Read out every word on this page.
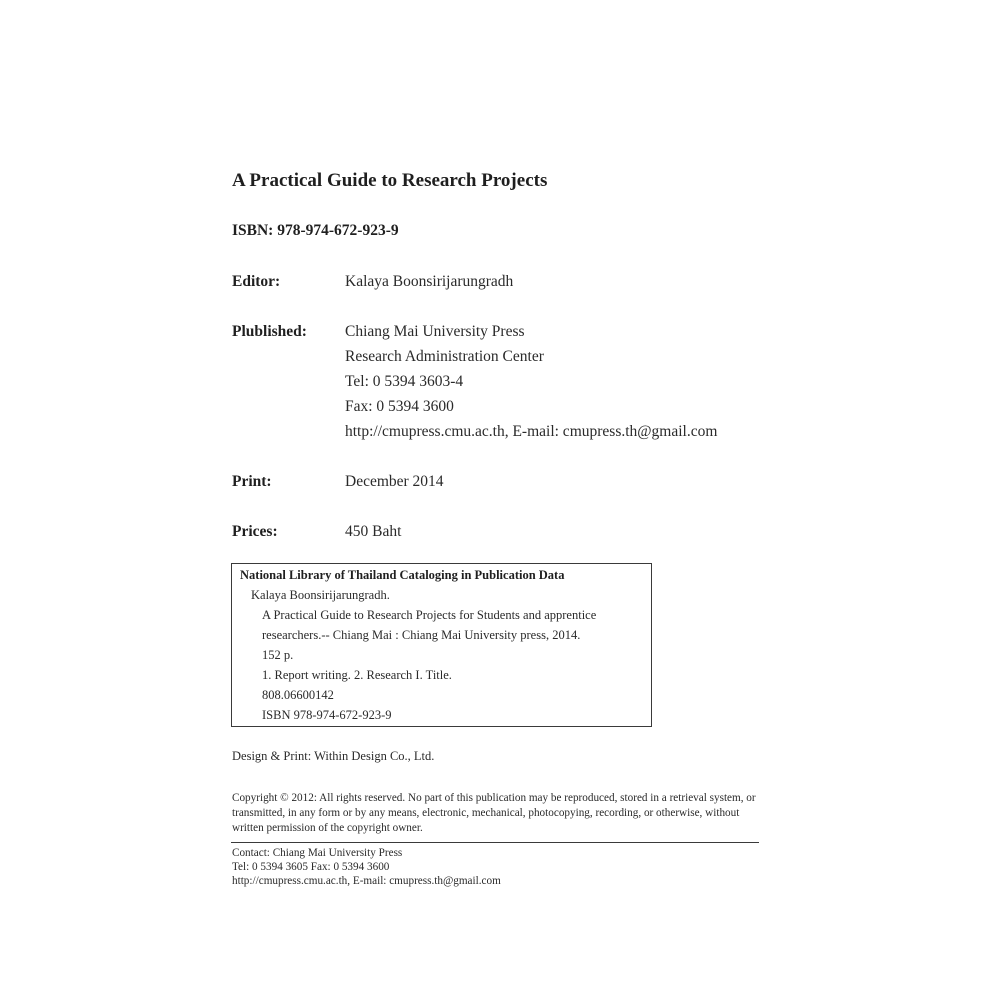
A Practical Guide to Research Projects

ISBN: 978-974-672-923-9

Editor:	Kalaya Boonsirijarungradh

Plublished: Chiang Mai University Press

Research Administration Center

Tel: 0 5394 3603-4

Fax: 0 5394 3600

http://cmupress.cmu.ac.th, E-mail: cmupress.th@gmail.com

Print:	December 2014

Prices:	450 Baht

National Library of Thailand Cataloging in Publication Data

Kalaya Boonsirijarungradh.

A Practical Guide to Research Projects for Students and apprentice

researchers.-- Chiang Mai : Chiang Mai University press, 2014.

152 p.

1. Report writing. 2. Research I. Title.

808.06600142

ISBN 978-974-672-923-9

Design & Print: Within Design Co., Ltd.

Copyright © 2012: All rights reserved. No part of this publication may be reproduced, stored in a retrieval system, or transmitted, in any form or by any means, electronic, mechanical, photocopying, recording, or otherwise, without written permission of the copyright owner.

Contact: Chiang Mai University Press

Tel: 0 5394 3605 Fax: 0 5394 3600

http://cmupress.cmu.ac.th, E-mail: cmupress.th@gmail.com
